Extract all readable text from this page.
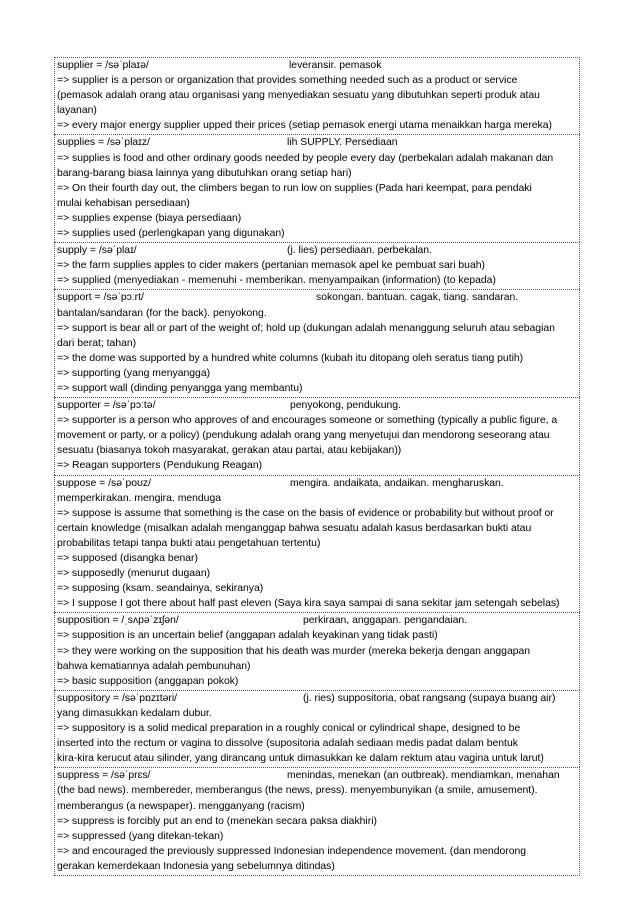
supplier = /səˈplaɪə/	leveransir. pemasok
=> supplier is a person or organization that provides something needed such as a product or service
(pemasok adalah orang atau organisasi yang menyediakan sesuatu yang dibutuhkan seperti produk atau
layanan)
=> every major energy supplier upped their prices (setiap pemasok energi utama menaikkan harga mereka)
supplies = /səˈplaɪz/	lih SUPPLY. Persediaan
=> supplies is food and other ordinary goods needed by people every day (perbekalan adalah makanan dan
barang-barang biasa lainnya yang dibutuhkan orang setiap hari)
=> On their fourth day out, the climbers began to run low on supplies (Pada hari keempat, para pendaki
mulai kehabisan persediaan)
=> supplies expense (biaya persediaan)
=> supplies used (perlengkapan yang digunakan)
supply = /səˈplaɪ/	(j. lies) persediaan. perbekalan.
=> the farm supplies apples to cider makers (pertanian memasok apel ke pembuat sari buah)
=> supplied (menyediakan - memenuhi - memberikan. menyampaikan (information) (to kepada)
support = /səˈpɔːrt/	sokongan. bantuan. cagak, tiang. sandaran.
bantalan/sandaran (for the back). penyokong.
=> support is bear all or part of the weight of; hold up (dukungan adalah menanggung seluruh atau sebagian
dari berat; tahan)
=> the dome was supported by a hundred white columns (kubah itu ditopang oleh seratus tiang putih)
=> supporting (yang menyangga)
=> support wall (dinding penyangga yang membantu)
supporter = /səˈpɔːtə/	penyokong, pendukung.
=> supporter is a person who approves of and encourages someone or something (typically a public figure, a
movement or party, or a policy) (pendukung adalah orang yang menyetujui dan mendorong seseorang atau
sesuatu (biasanya tokoh masyarakat, gerakan atau partai, atau kebijakan))
=> Reagan supporters (Pendukung Reagan)
suppose = /səˈpoʊz/	mengira. andaikata, andaikan. mengharuskan.
memperkirakan. mengira. menduga
=> suppose is assume that something is the case on the basis of evidence or probability but without proof or
certain knowledge (misalkan adalah menganggap bahwa sesuatu adalah kasus berdasarkan bukti atau
probabilitas tetapi tanpa bukti atau pengetahuan tertentu)
=> supposed (disangka benar)
=> supposedly (menurut dugaan)
=> supposing (ksam. seandainya, sekiranya)
=> I suppose I got there about half past eleven (Saya kira saya sampai di sana sekitar jam setengah sebelas)
supposition = /ˌsʌpəˈzɪʃən/	perkiraan, anggapan. pengandaian.
=> supposition is an uncertain belief (anggapan adalah keyakinan yang tidak pasti)
=> they were working on the supposition that his death was murder (mereka bekerja dengan anggapan
bahwa kematiannya adalah pembunuhan)
=> basic supposition (anggapan pokok)
suppository = /səˈpɒzɪtəri/	(j. ries) suppositoria, obat rangsang (supaya buang air)
yang dimasukkan kedalam dubur.
=> suppository is a solid medical preparation in a roughly conical or cylindrical shape, designed to be
inserted into the rectum or vagina to dissolve (supositoria adalah sediaan medis padat dalam bentuk
kira-kira kerucut atau silinder, yang dirancang untuk dimasukkan ke dalam rektum atau vagina untuk larut)
suppress = /səˈprɛs/	menindas, menekan (an outbreak). mendiamkan, menahan
(the bad news). membereder, memberangus (the news, press). menyembunyikan (a smile, amusement).
memberangus (a newspaper). mengganyang (racism)
=> suppress is forcibly put an end to (menekan secara paksa diakhiri)
=> suppressed (yang ditekan-tekan)
=> and encouraged the previously suppressed Indonesian independence movement. (dan mendorong
gerakan kemerdekaan Indonesia yang sebelumnya ditindas)
